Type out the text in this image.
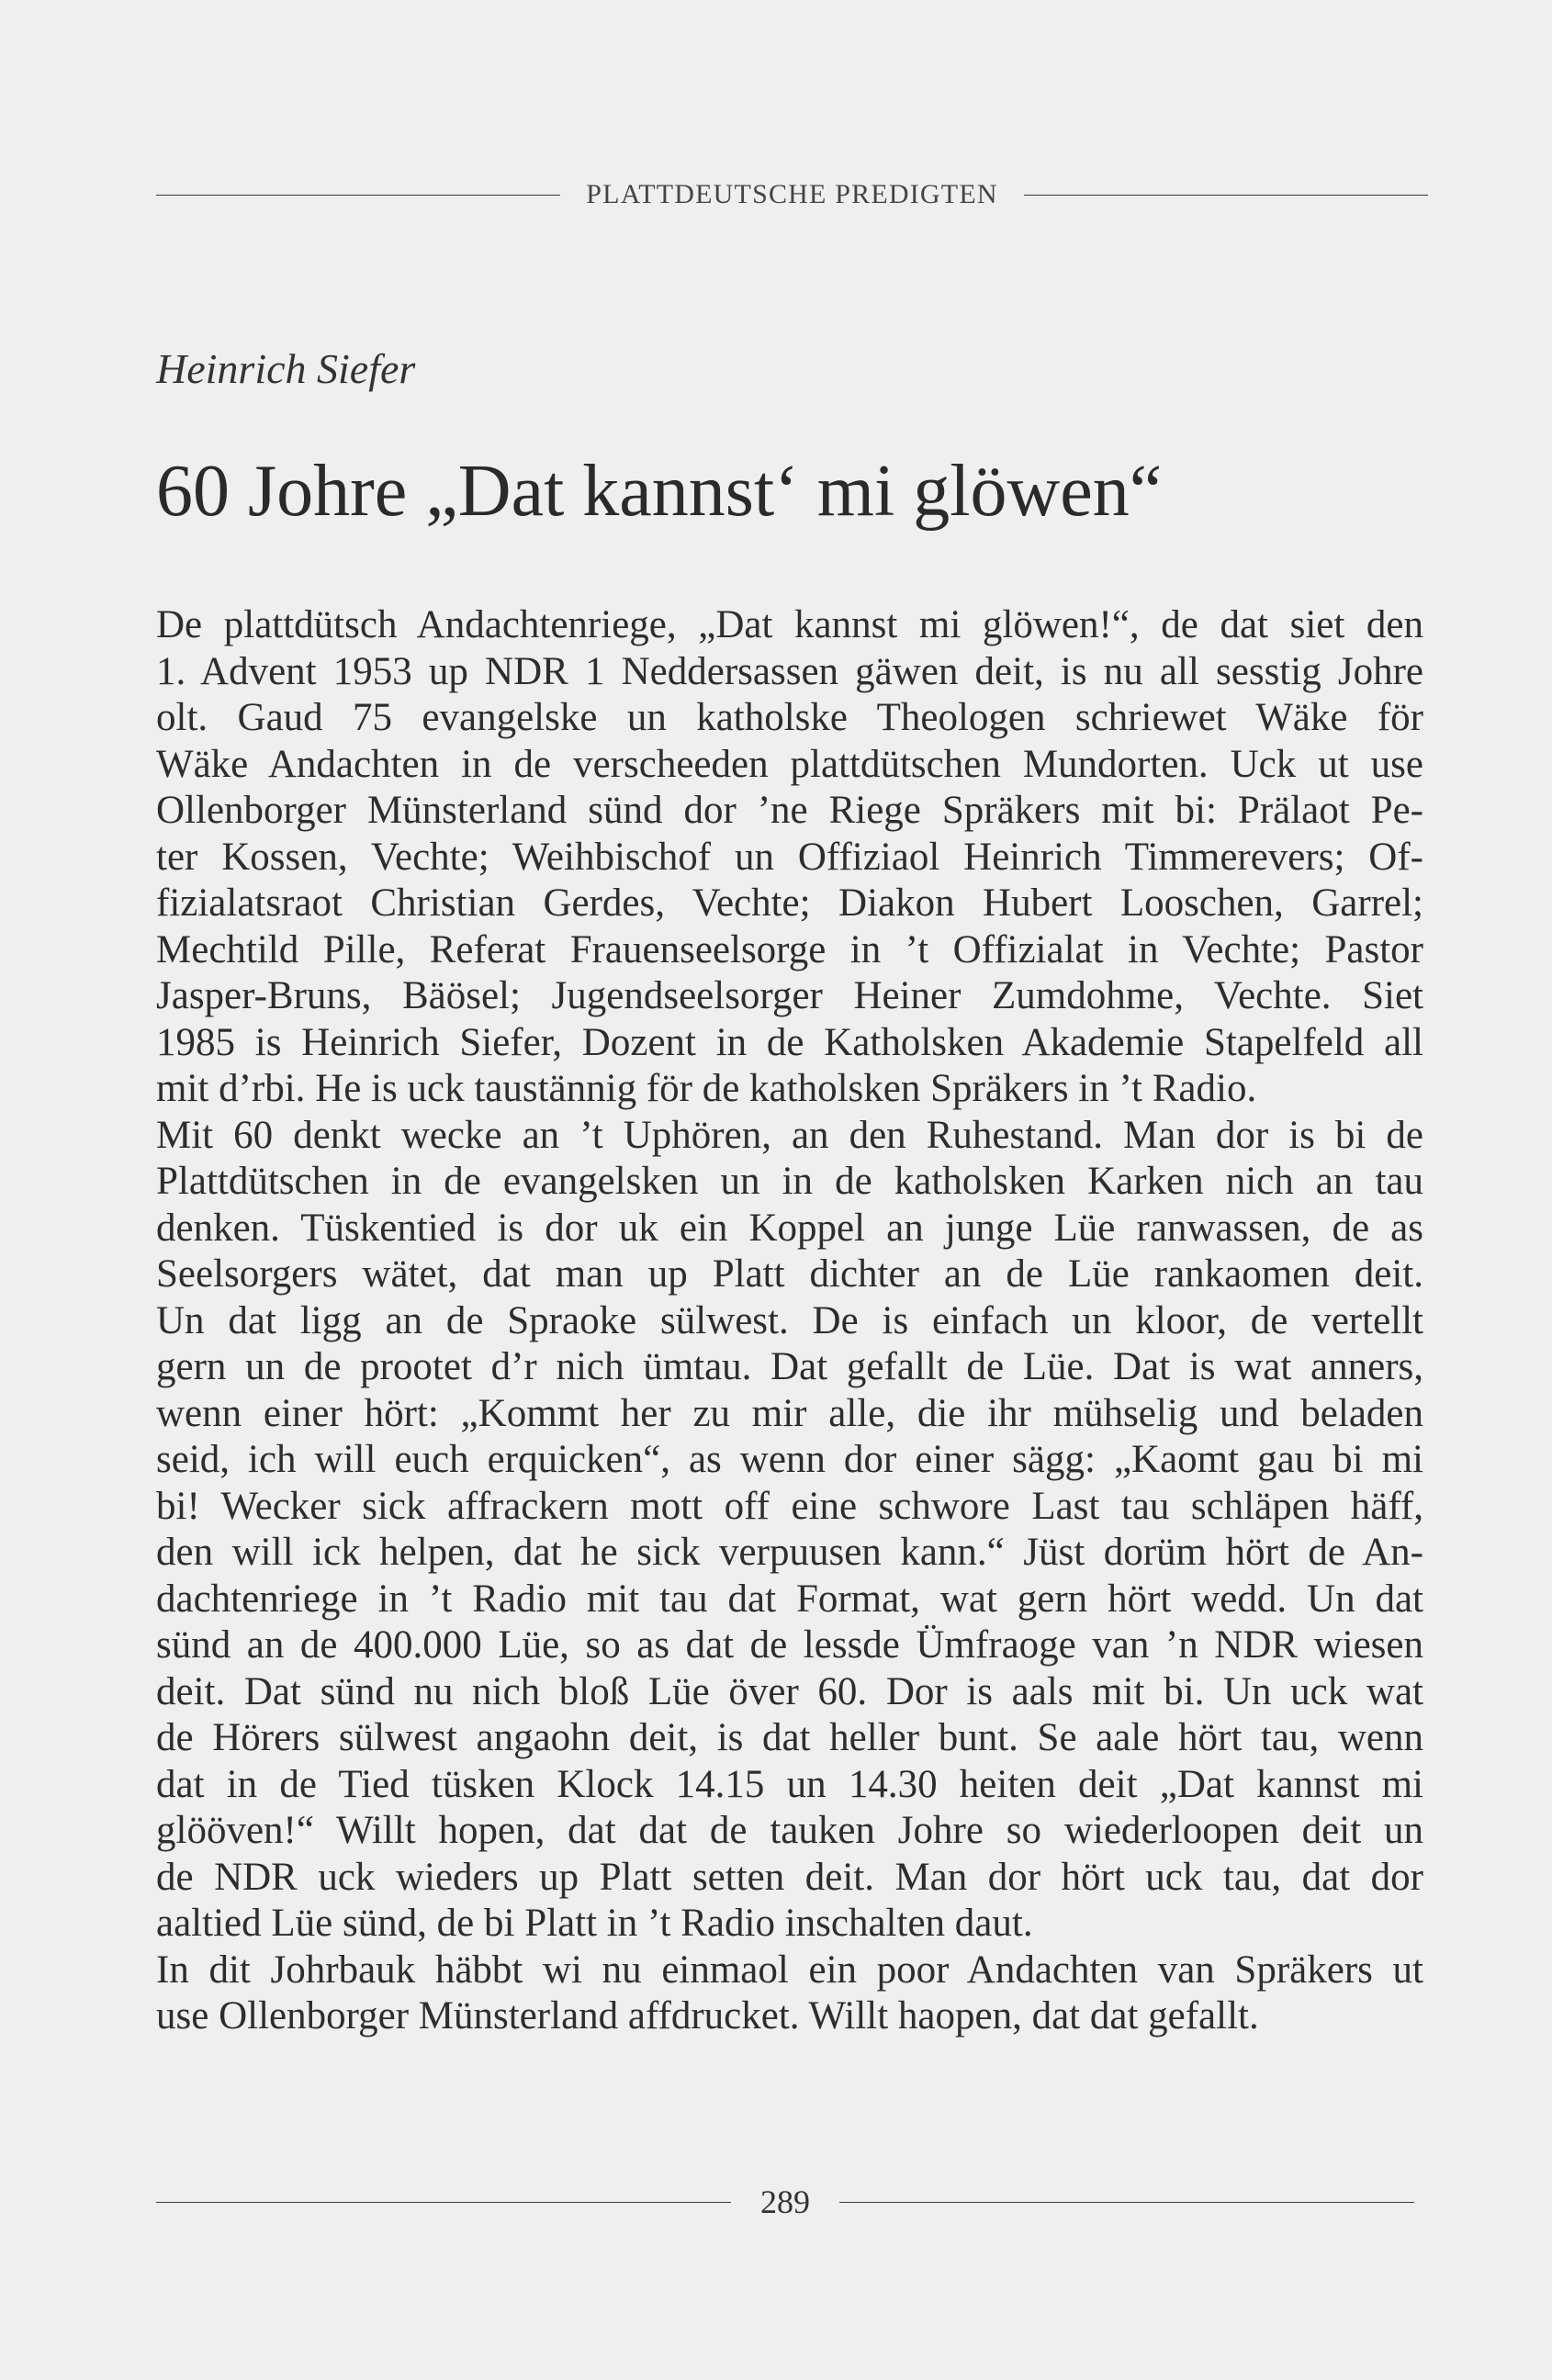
PLATTDEUTSCHE PREDIGTEN
Heinrich Siefer
60 Johre „Dat kannst‘ mi glöwen“
De plattdütsch Andachtenriege, „Dat kannst mi glöwen!“, de dat siet den
1. Advent 1953 up NDR 1 Neddersassen gäwen deit, is nu all sesstig Johre
olt. Gaud 75 evangelske un katholske Theologen schriewet Wäke för
Wäke Andachten in de verscheeden plattdütschen Mundorten. Uck ut use
Ollenborger Münsterland sünd dor ’ne Riege Spräkers mit bi: Prälaot Pe-
ter Kossen, Vechte; Weihbischof un Offiziaol Heinrich Timmerevers; Of-
fizialatsraot Christian Gerdes, Vechte; Diakon Hubert Looschen, Garrel;
Mechtild Pille, Referat Frauenseelsorge in ’t Offizialat in Vechte; Pastor
Jasper-Bruns, Bäösel; Jugendseelsorger Heiner Zumdohme, Vechte. Siet
1985 is Heinrich Siefer, Dozent in de Katholsken Akademie Stapelfeld all
mit d’rbi. He is uck taustännig för de katholsken Spräkers in ’t Radio.
Mit 60 denkt wecke an ’t Uphören, an den Ruhestand. Man dor is bi de
Plattdütschen in de evangelsken un in de katholsken Karken nich an tau
denken. Tüskentied is dor uk ein Koppel an junge Lüe ranwassen, de as
Seelsorgers wätet, dat man up Platt dichter an de Lüe rankaomen deit.
Un dat ligg an de Spraoke sülwest. De is einfach un kloor, de vertellt
gern un de prootet d’r nich ümtau. Dat gefallt de Lüe. Dat is wat anners,
wenn einer hört: „Kommt her zu mir alle, die ihr mühselig und beladen
seid, ich will euch erquicken“, as wenn dor einer sägg: „Kaomt gau bi mi
bi! Wecker sick affrackern mott off eine schwore Last tau schläpen häff,
den will ick helpen, dat he sick verpuusen kann.“ Jüst dorüm hört de An-
dachtenriege in ’t Radio mit tau dat Format, wat gern hört wedd. Un dat
sünd an de 400.000 Lüe, so as dat de lessde Ümfraoge van ’n NDR wiesen
deit. Dat sünd nu nich bloß Lüe över 60. Dor is aals mit bi. Un uck wat
de Hörers sülwest angaohn deit, is dat heller bunt. Se aale hört tau, wenn
dat in de Tied tüsken Klock 14.15 un 14.30 heiten deit „Dat kannst mi
glööven!“ Willt hopen, dat dat de tauken Johre so wiederloopen deit un
de NDR uck wieders up Platt setten deit. Man dor hört uck tau, dat dor
aaltied Lüe sünd, de bi Platt in ’t Radio inschalten daut.
In dit Johrbauk häbbt wi nu einmaol ein poor Andachten van Spräkers ut
use Ollenborger Münsterland affdrucket. Willt haopen, dat dat gefallt.
289
